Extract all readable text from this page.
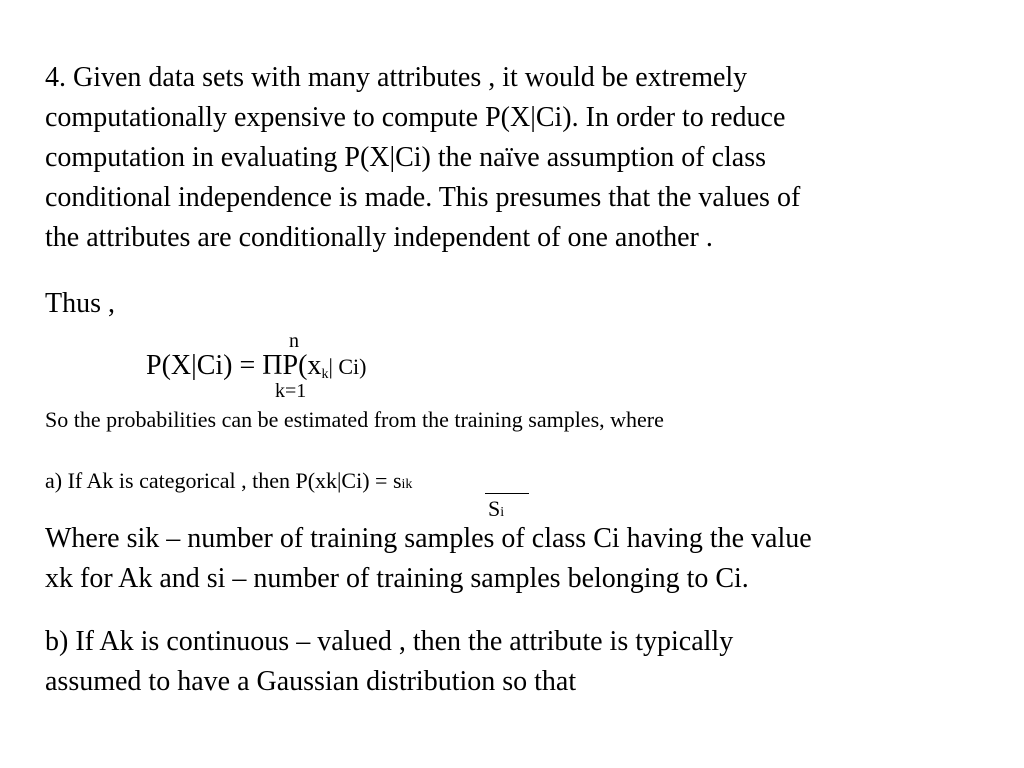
4. Given data sets with many attributes , it would be extremely
computationally expensive to compute P(X|Ci). In order to reduce
computation in evaluating P(X|Ci) the naïve assumption of class
conditional independence is made. This presumes that the values of
the attributes are conditionally independent of one another .
Thus ,
n
P(X|Ci) = ΠP(xk| Ci)
k=1
So the probabilities can be estimated from the training samples, where
a) If Ak is categorical , then P(xk|Ci) = sik
Si
Where sik – number of training samples of class Ci having the value
xk for Ak and si – number of training samples belonging to Ci.
b) If Ak is continuous – valued , then the attribute is typically
assumed to have a Gaussian distribution so that
